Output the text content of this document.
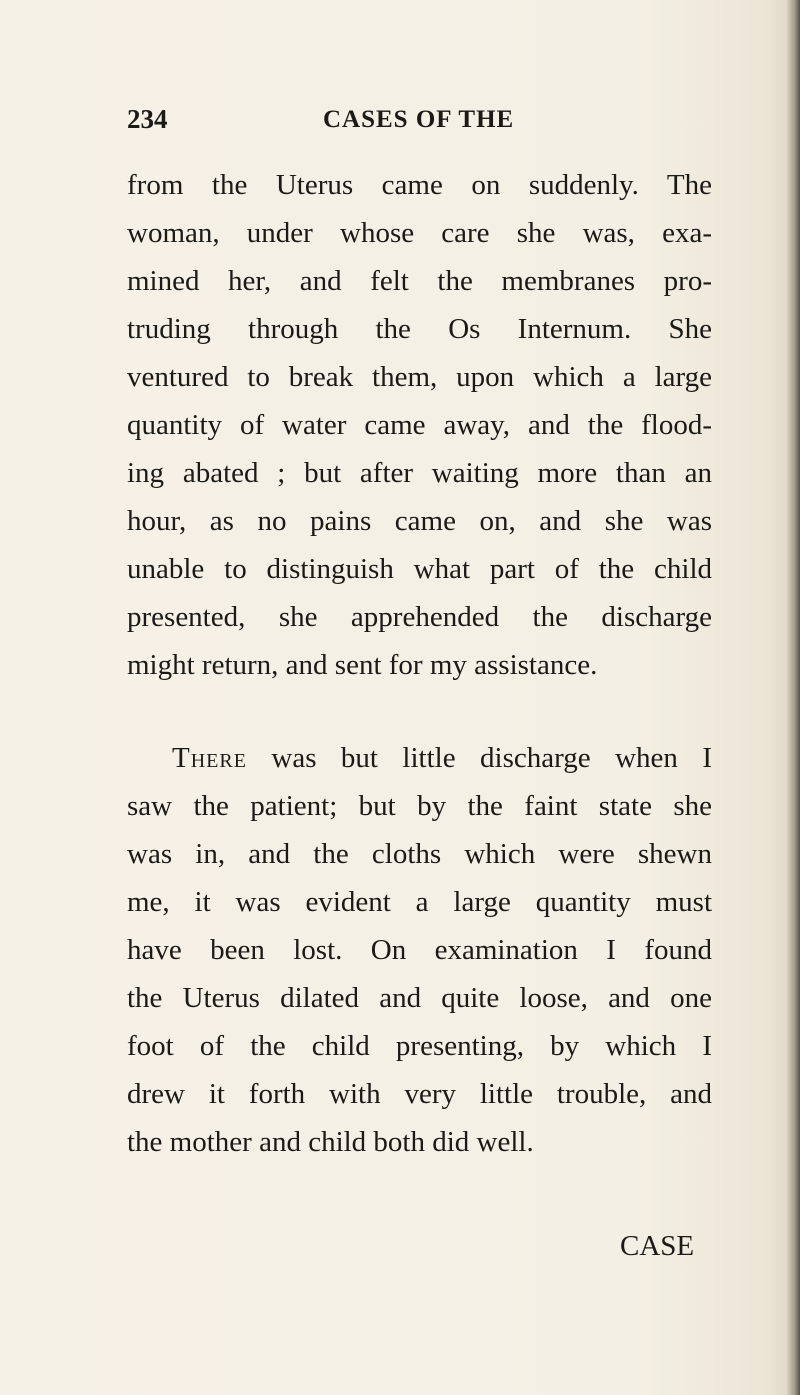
234	CASES OF THE
from the Uterus came on suddenly. The
woman, under whose care she was, exa-
mined her, and felt the membranes pro-
truding through the Os Internum. She
ventured to break them, upon which a large
quantity of water came away, and the flood-
ing abated ; but after waiting more than an
hour, as no pains came on, and she was
unable to distinguish what part of the child
presented, she apprehended the discharge
might return, and sent for my assistance.
There was but little discharge when I
saw the patient; but by the faint state she
was in, and the cloths which were shewn
me, it was evident a large quantity must
have been lost. On examination I found
the Uterus dilated and quite loose, and one
foot of the child presenting, by which I
drew it forth with very little trouble, and
the mother and child both did well.
CASE
